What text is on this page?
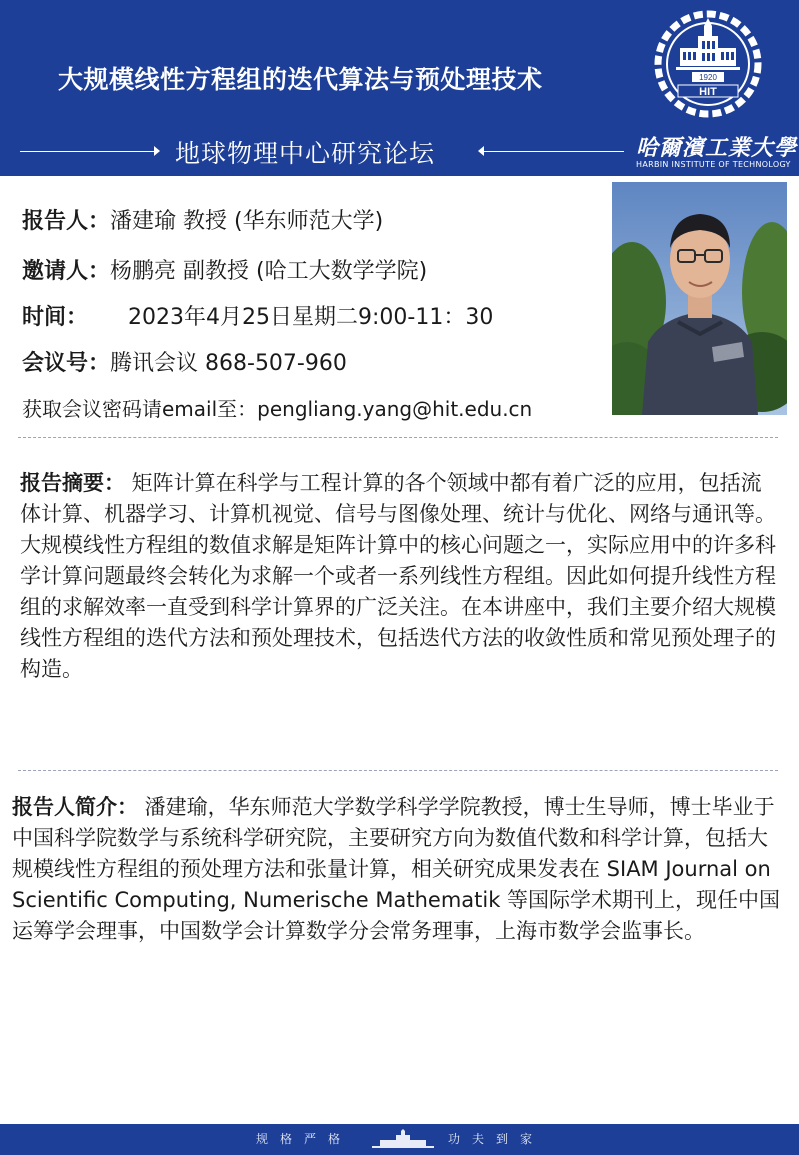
大规模线性方程组的迭代算法与预处理技术
地球物理中心研究论坛
1920
HIT
哈爾濱工業大學
HARBIN INSTITUTE OF TECHNOLOGY
报告人：潘建瑜 教授 (华东师范大学)
邀请人：杨鹏亮 副教授 (哈工大数学学院)
时间： 2023年4月25日星期二9:00-11：30
会议号：腾讯会议 868-507-960
获取会议密码请email至：pengliang.yang@hit.edu.cn
报告摘要： 矩阵计算在科学与工程计算的各个领域中都有着广泛的应用，包括流体计算、机器学习、计算机视觉、信号与图像处理、统计与优化、网络与通讯等。大规模线性方程组的数值求解是矩阵计算中的核心问题之一，实际应用中的许多科学计算问题最终会转化为求解一个或者一系列线性方程组。因此如何提升线性方程组的求解效率一直受到科学计算界的广泛关注。在本讲座中，我们主要介绍大规模线性方程组的迭代方法和预处理技术，包括迭代方法的收敛性质和常见预处理子的构造。
报告人简介： 潘建瑜，华东师范大学数学科学学院教授，博士生导师，博士毕业于中国科学院数学与系统科学研究院，主要研究方向为数值代数和科学计算，包括大规模线性方程组的预处理方法和张量计算，相关研究成果发表在 SIAM Journal on Scientific Computing, Numerische Mathematik 等国际学术期刊上，现任中国运筹学会理事，中国数学会计算数学分会常务理事，上海市数学会监事长。
规格严格	功夫到家
